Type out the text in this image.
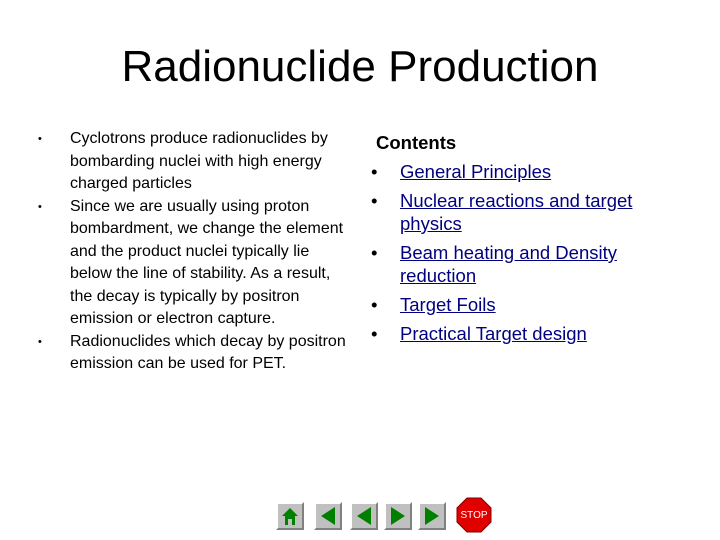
Radionuclide Production
• Cyclotrons produce radionuclides by bombarding nuclei with high energy charged particles
• Since we are usually using proton bombardment, we change the element and the product nuclei typically lie below the line of stability. As a result, the decay is typically by positron emission or electron capture.
• Radionuclides which decay by positron emission can be used for PET.
Contents
• General Principles
• Nuclear reactions and target physics
• Beam heating and Density reduction
• Target Foils
• Practical Target design
STOP
